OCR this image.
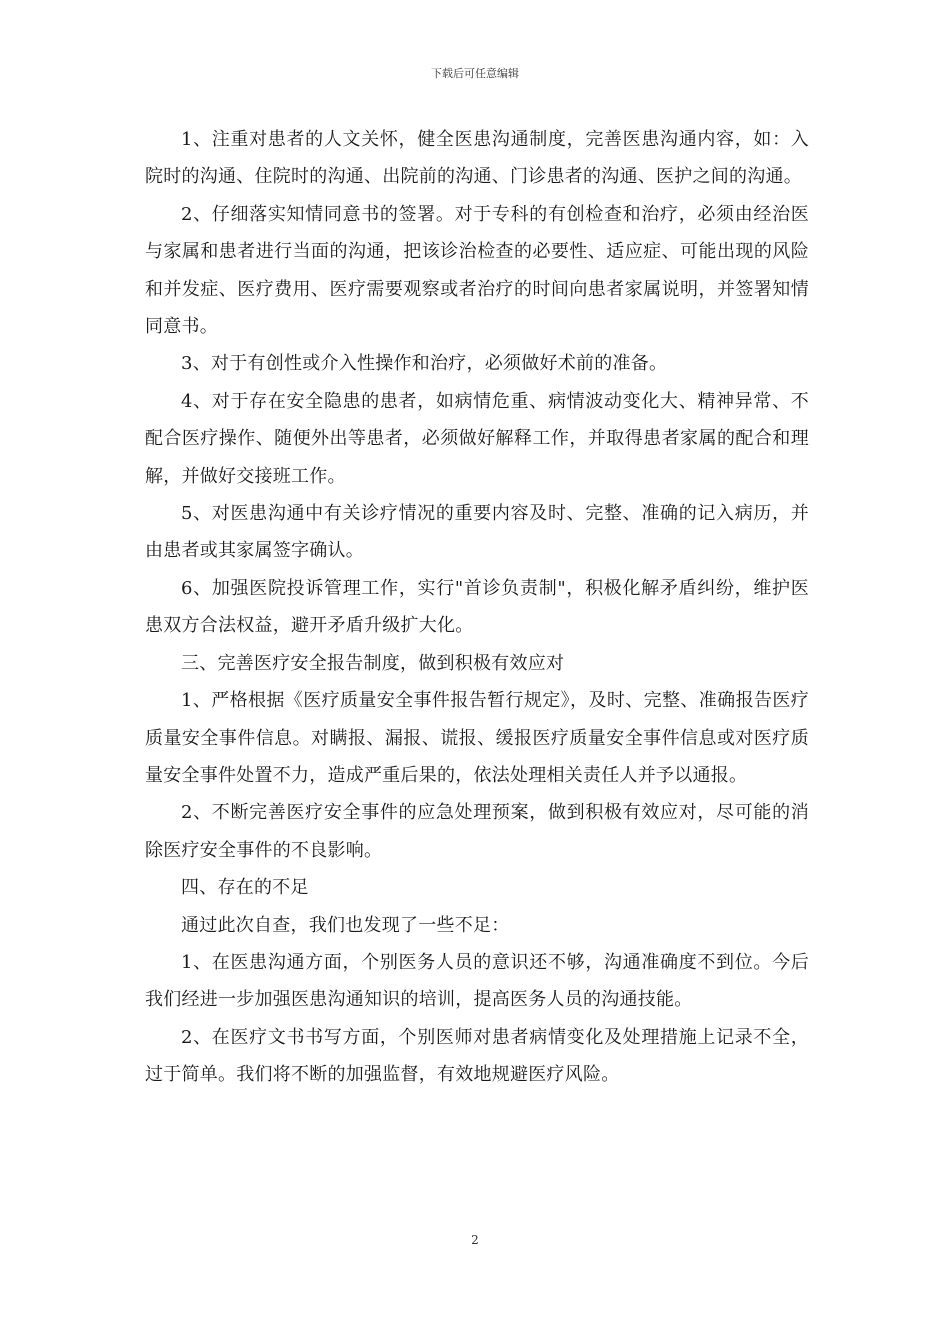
下载后可任意编辑

1、注重对患者的人文关怀，健全医患沟通制度，完善医患沟通内容，如：入院时的沟通、住院时的沟通、出院前的沟通、门诊患者的沟通、医护之间的沟通。

2、仔细落实知情同意书的签署。对于专科的有创检查和治疗，必须由经治医与家属和患者进行当面的沟通，把该诊治检查的必要性、适应症、可能出现的风险和并发症、医疗费用、医疗需要观察或者治疗的时间向患者家属说明，并签署知情同意书。

3、对于有创性或介入性操作和治疗，必须做好术前的准备。

4、对于存在安全隐患的患者，如病情危重、病情波动变化大、精神异常、不配合医疗操作、随便外出等患者，必须做好解释工作，并取得患者家属的配合和理解，并做好交接班工作。

5、对医患沟通中有关诊疗情况的重要内容及时、完整、准确的记入病历，并由患者或其家属签字确认。

6、加强医院投诉管理工作，实行"首诊负责制"，积极化解矛盾纠纷，维护医患双方合法权益，避开矛盾升级扩大化。

三、完善医疗安全报告制度，做到积极有效应对

1、严格根据《医疗质量安全事件报告暂行规定》，及时、完整、准确报告医疗质量安全事件信息。对瞒报、漏报、谎报、缓报医疗质量安全事件信息或对医疗质量安全事件处置不力，造成严重后果的，依法处理相关责任人并予以通报。

2、不断完善医疗安全事件的应急处理预案，做到积极有效应对，尽可能的消除医疗安全事件的不良影响。

四、存在的不足

通过此次自查，我们也发现了一些不足：

1、在医患沟通方面，个别医务人员的意识还不够，沟通准确度不到位。今后我们经进一步加强医患沟通知识的培训，提高医务人员的沟通技能。

2、在医疗文书书写方面，个别医师对患者病情变化及处理措施上记录不全，过于简单。我们将不断的加强监督，有效地规避医疗风险。

2
